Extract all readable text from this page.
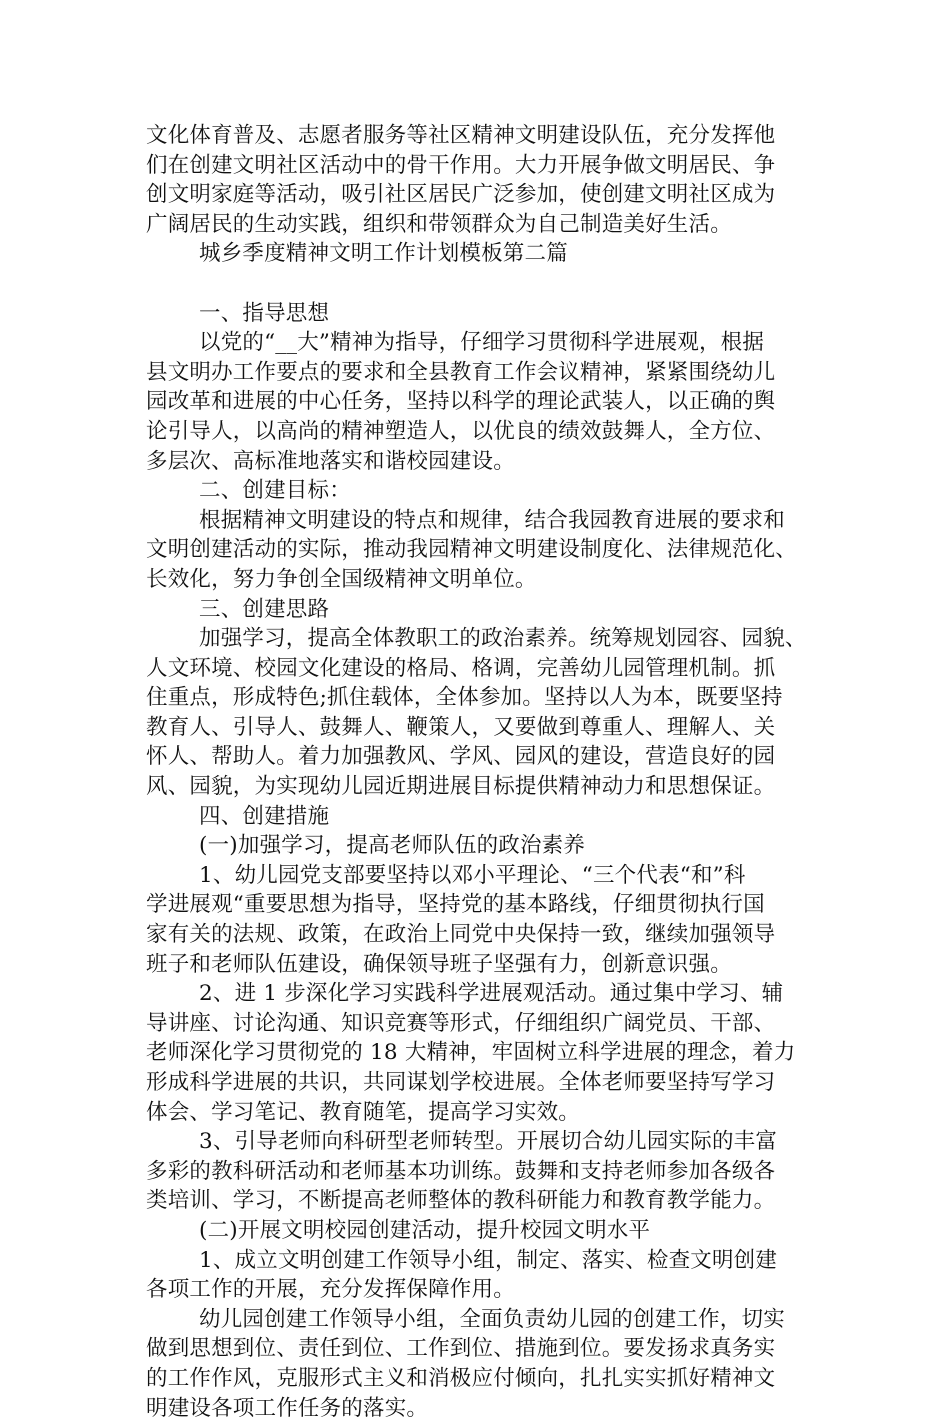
文化体育普及、志愿者服务等社区精神文明建设队伍，充分发挥他
们在创建文明社区活动中的骨干作用。大力开展争做文明居民、争
创文明家庭等活动，吸引社区居民广泛参加，使创建文明社区成为
广阔居民的生动实践，组织和带领群众为自己制造美好生活。
城乡季度精神文明工作计划模板第二篇
一、指导思想
以党的“__大”精神为指导，仔细学习贯彻科学进展观，根据
县文明办工作要点的要求和全县教育工作会议精神，紧紧围绕幼儿
园改革和进展的中心任务，坚持以科学的理论武装人，以正确的舆
论引导人，以高尚的精神塑造人，以优良的绩效鼓舞人，全方位、
多层次、高标准地落实和谐校园建设。
二、创建目标：
根据精神文明建设的特点和规律，结合我园教育进展的要求和
文明创建活动的实际，推动我园精神文明建设制度化、法律规范化、
长效化，努力争创全国级精神文明单位。
三、创建思路
加强学习，提高全体教职工的政治素养。统筹规划园容、园貌、
人文环境、校园文化建设的格局、格调，完善幼儿园管理机制。抓
住重点，形成特色;抓住载体，全体参加。坚持以人为本，既要坚持
教育人、引导人、鼓舞人、鞭策人，又要做到尊重人、理解人、关
怀人、帮助人。着力加强教风、学风、园风的建设，营造良好的园
风、园貌，为实现幼儿园近期进展目标提供精神动力和思想保证。
四、创建措施
(一)加强学习，提高老师队伍的政治素养
1、幼儿园党支部要坚持以邓小平理论、“三个代表“和”科
学进展观“重要思想为指导，坚持党的基本路线，仔细贯彻执行国
家有关的法规、政策，在政治上同党中央保持一致，继续加强领导
班子和老师队伍建设，确保领导班子坚强有力，创新意识强。
2、进 1 步深化学习实践科学进展观活动。通过集中学习、辅
导讲座、讨论沟通、知识竞赛等形式，仔细组织广阔党员、干部、
老师深化学习贯彻党的 18 大精神，牢固树立科学进展的理念，着力
形成科学进展的共识，共同谋划学校进展。全体老师要坚持写学习
体会、学习笔记、教育随笔，提高学习实效。
3、引导老师向科研型老师转型。开展切合幼儿园实际的丰富
多彩的教科研活动和老师基本功训练。鼓舞和支持老师参加各级各
类培训、学习，不断提高老师整体的教科研能力和教育教学能力。
(二)开展文明校园创建活动，提升校园文明水平
1、成立文明创建工作领导小组，制定、落实、检查文明创建
各项工作的开展，充分发挥保障作用。
幼儿园创建工作领导小组，全面负责幼儿园的创建工作，切实
做到思想到位、责任到位、工作到位、措施到位。要发扬求真务实
的工作作风，克服形式主义和消极应付倾向，扎扎实实抓好精神文
明建设各项工作任务的落实。
